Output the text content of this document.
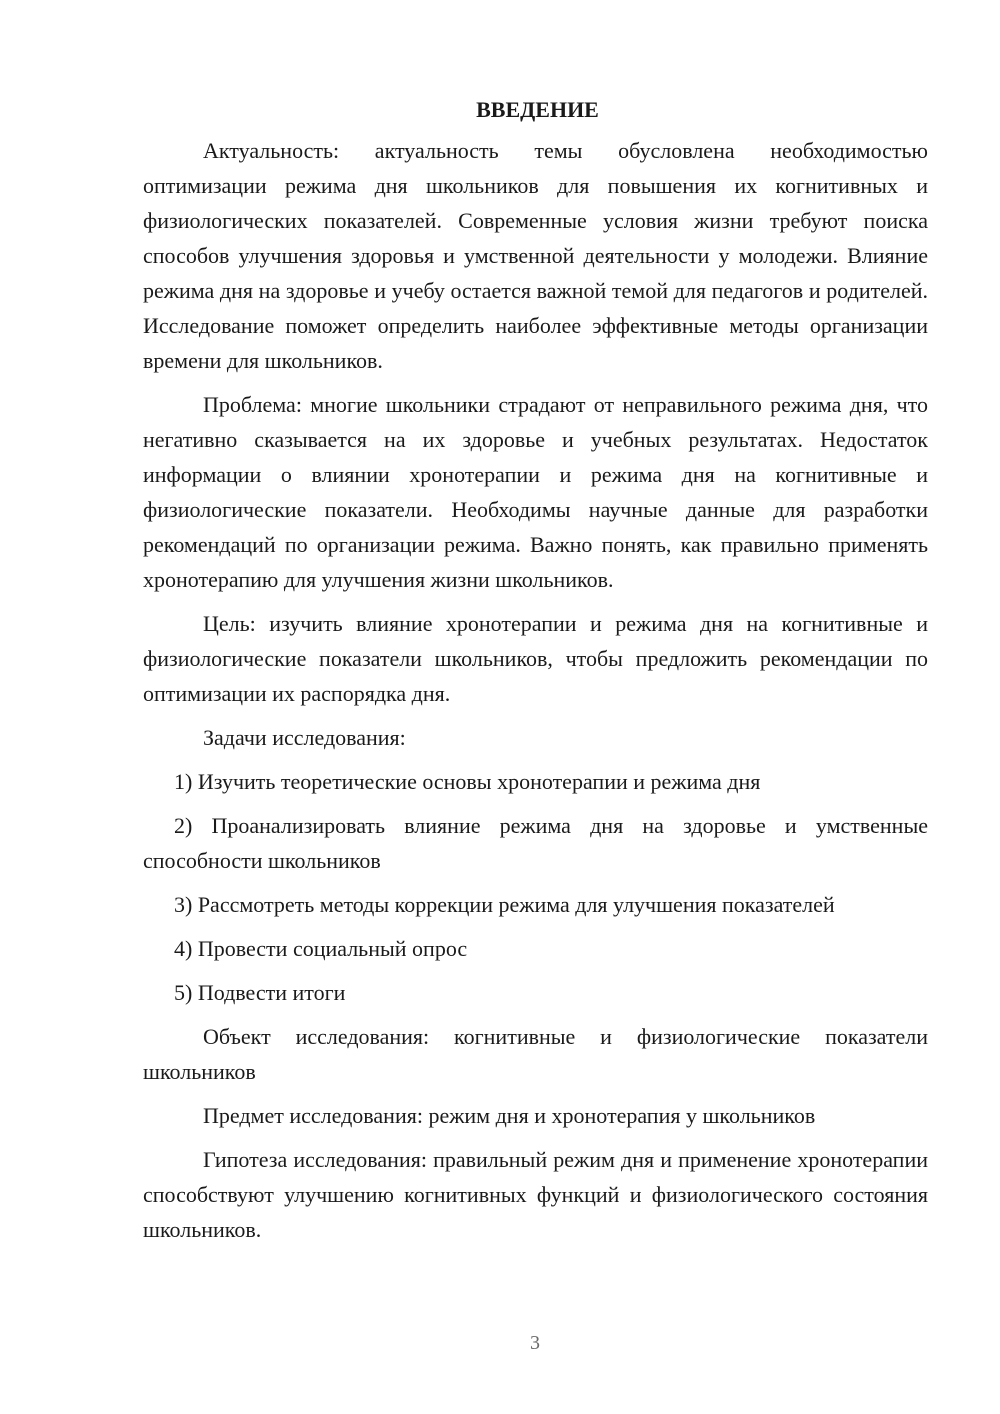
ВВЕДЕНИЕ

Актуальность: актуальность темы обусловлена необходимостью оптимизации режима дня школьников для повышения их когнитивных и физиологических показателей. Современные условия жизни требуют поиска способов улучшения здоровья и умственной деятельности у молодежи. Влияние режима дня на здоровье и учебу остается важной темой для педагогов и родителей. Исследование поможет определить наиболее эффективные методы организации времени для школьников.

Проблема: многие школьники страдают от неправильного режима дня, что негативно сказывается на их здоровье и учебных результатах. Недостаток информации о влиянии хронотерапии и режима дня на когнитивные и физиологические показатели. Необходимы научные данные для разработки рекомендаций по организации режима. Важно понять, как правильно применять хронотерапию для улучшения жизни школьников.

Цель: изучить влияние хронотерапии и режима дня на когнитивные и физиологические показатели школьников, чтобы предложить рекомендации по оптимизации их распорядка дня.

Задачи исследования:

1) Изучить теоретические основы хронотерапии и режима дня

2) Проанализировать влияние режима дня на здоровье и умственные способности школьников

3) Рассмотреть методы коррекции режима для улучшения показателей

4) Провести социальный опрос

5) Подвести итоги

Объект исследования: когнитивные и физиологические показатели школьников

Предмет исследования: режим дня и хронотерапия у школьников

Гипотеза исследования: правильный режим дня и применение хронотерапии способствуют улучшению когнитивных функций и физиологического состояния школьников.

3
